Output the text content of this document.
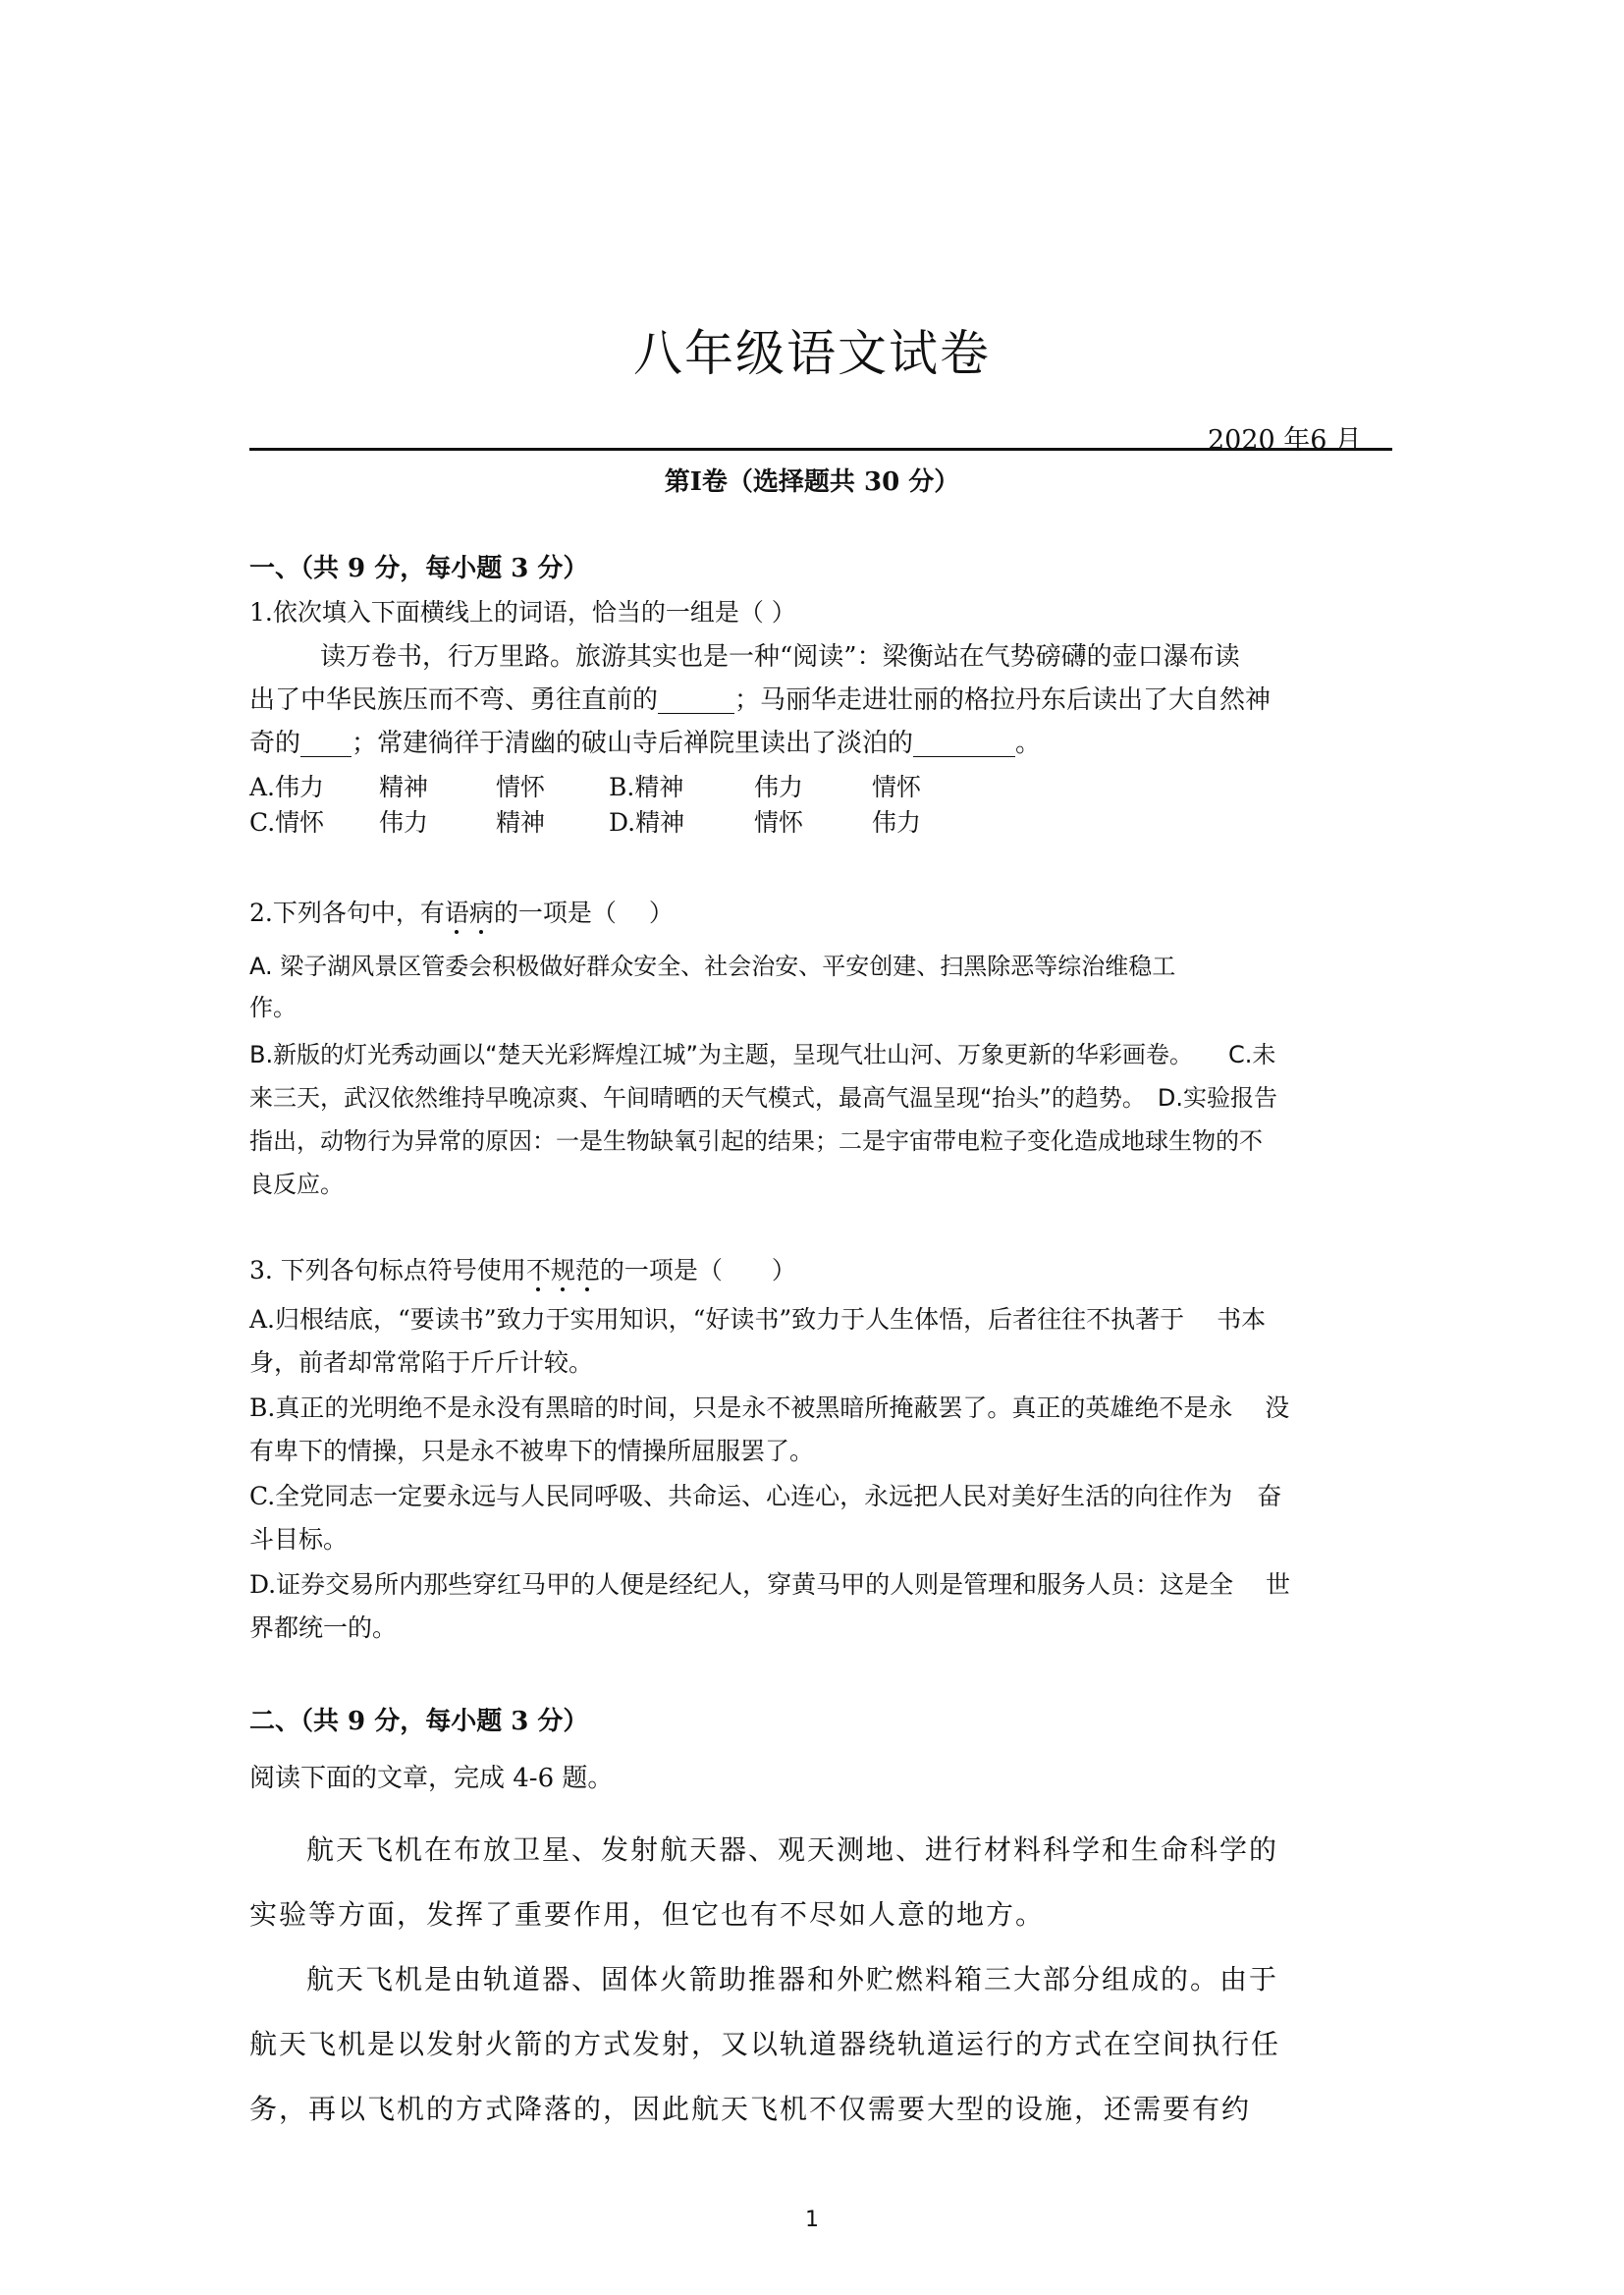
八年级语文试卷
2020 年6 月
第Ⅰ卷（选择题共 30 分）
一、（共 9 分，每小题 3 分）
1.依次填入下面横线上的词语，恰当的一组是（ ）
读万卷书，行万里路。旅游其实也是一种“阅读”：梁衡站在气势磅礴的壶口瀑布读
出了中华民族压而不弯、勇往直前的______；马丽华走进壮丽的格拉丹东后读出了大自然神
奇的____；常建徜徉于清幽的破山寺后禅院里读出了淡泊的________。
A.伟力 精神	情怀	B.精神	伟力	情怀
C.情怀 伟力	精神	D.精神	情怀	伟力
2.下列各句中，有语病的一项是（　 ）
A. 梁子湖风景区管委会积极做好群众安全、社会治安、平安创建、扫黑除恶等综治维稳工
作。
B.新版的灯光秀动画以“楚天光彩辉煌江城”为主题，呈现气壮山河、万象更新的华彩画卷。　　C.未
来三天，武汉依然维持早晚凉爽、午间晴晒的天气模式，最高气温呈现“抬头”的趋势。　D.实验报告
指出，动物行为异常的原因：一是生物缺氧引起的结果；二是宇宙带电粒子变化造成地球生物的不
良反应。
3. 下列各句标点符号使用不规范的一项是（　　）
A.归根结底，“要读书”致力于实用知识，“好读书”致力于人生体悟，后者往往不执著于　 书本
身，前者却常常陷于斤斤计较。
B.真正的光明绝不是永没有黑暗的时间，只是永不被黑暗所掩蔽罢了。真正的英雄绝不是永　 没
有卑下的情操，只是永不被卑下的情操所屈服罢了。
C.全党同志一定要永远与人民同呼吸、共命运、心连心，永远把人民对美好生活的向往作为　奋
斗目标。
D.证券交易所内那些穿红马甲的人便是经纪人，穿黄马甲的人则是管理和服务人员：这是全　 世
界都统一的。
二、（共 9 分，每小题 3 分）
阅读下面的文章，完成 4-6 题。
航天飞机在布放卫星、发射航天器、观天测地、进行材料科学和生命科学的
实验等方面，发挥了重要作用，但它也有不尽如人意的地方。
航天飞机是由轨道器、固体火箭助推器和外贮燃料箱三大部分组成的。由于
航天飞机是以发射火箭的方式发射，又以轨道器绕轨道运行的方式在空间执行任
务，再以飞机的方式降落的，因此航天飞机不仅需要大型的设施，还需要有约
1
